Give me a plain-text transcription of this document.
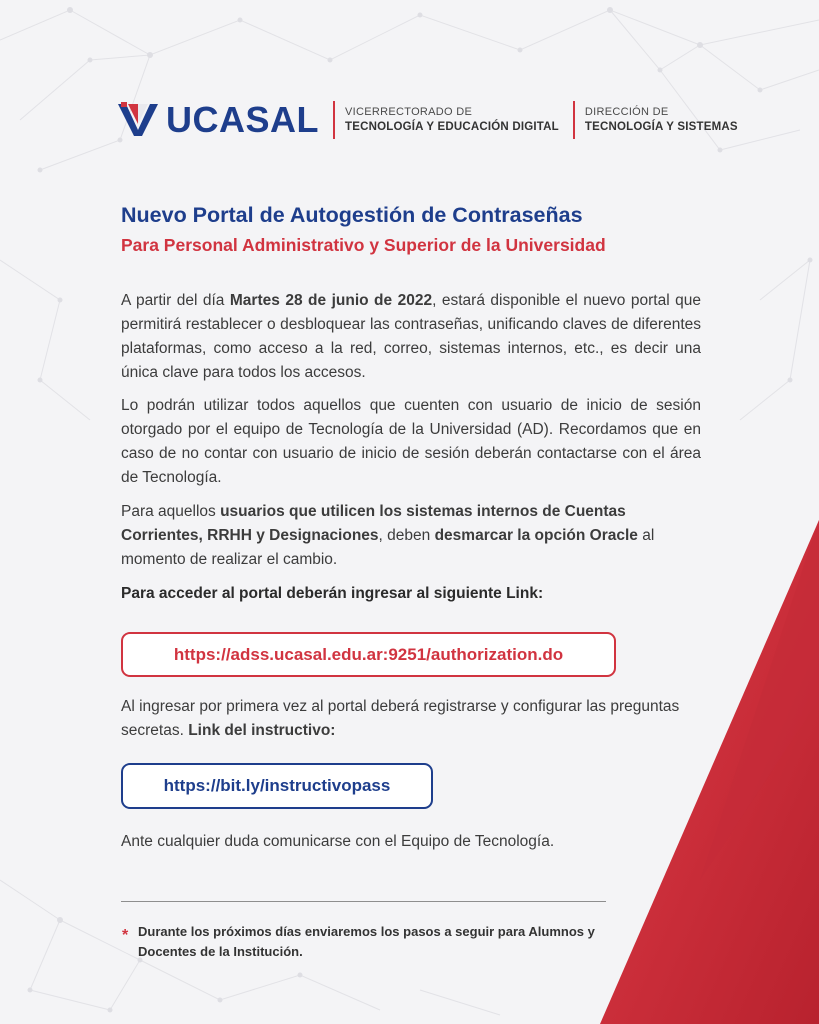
UCASAL VICERRECTORADO DE
TECNOLOGÍA Y EDUCACIÓN DIGITAL
DIRECCIÓN DE
TECNOLOGÍA Y SISTEMAS
Nuevo Portal de Autogestión de Contraseñas
Para Personal Administrativo y Superior de la Universidad

A partir del día Martes 28 de junio de 2022, estará disponible el nuevo portal que permitirá restablecer o desbloquear las contraseñas, unificando claves de diferentes plataformas, como acceso a la red, correo, sistemas internos, etc., es decir una única clave para todos los accesos.

Lo podrán utilizar todos aquellos que cuenten con usuario de inicio de sesión otorgado por el equipo de Tecnología de la Universidad (AD). Recordamos que en caso de no contar con usuario de inicio de sesión deberán contactarse con el área de Tecnología.

Para aquellos usuarios que utilicen los sistemas internos de Cuentas Corrientes, RRHH y Designaciones, deben desmarcar la opción Oracle al momento de realizar el cambio.

Para acceder al portal deberán ingresar al siguiente Link:

https://adss.ucasal.edu.ar:9251/authorization.do

Al ingresar por primera vez al portal deberá registrarse y configurar las preguntas secretas. Link del instructivo:

https://bit.ly/instructivopass

Ante cualquier duda comunicarse con el Equipo de Tecnología.

* Durante los próximos días enviaremos los pasos a seguir para Alumnos y Docentes de la Institución.
